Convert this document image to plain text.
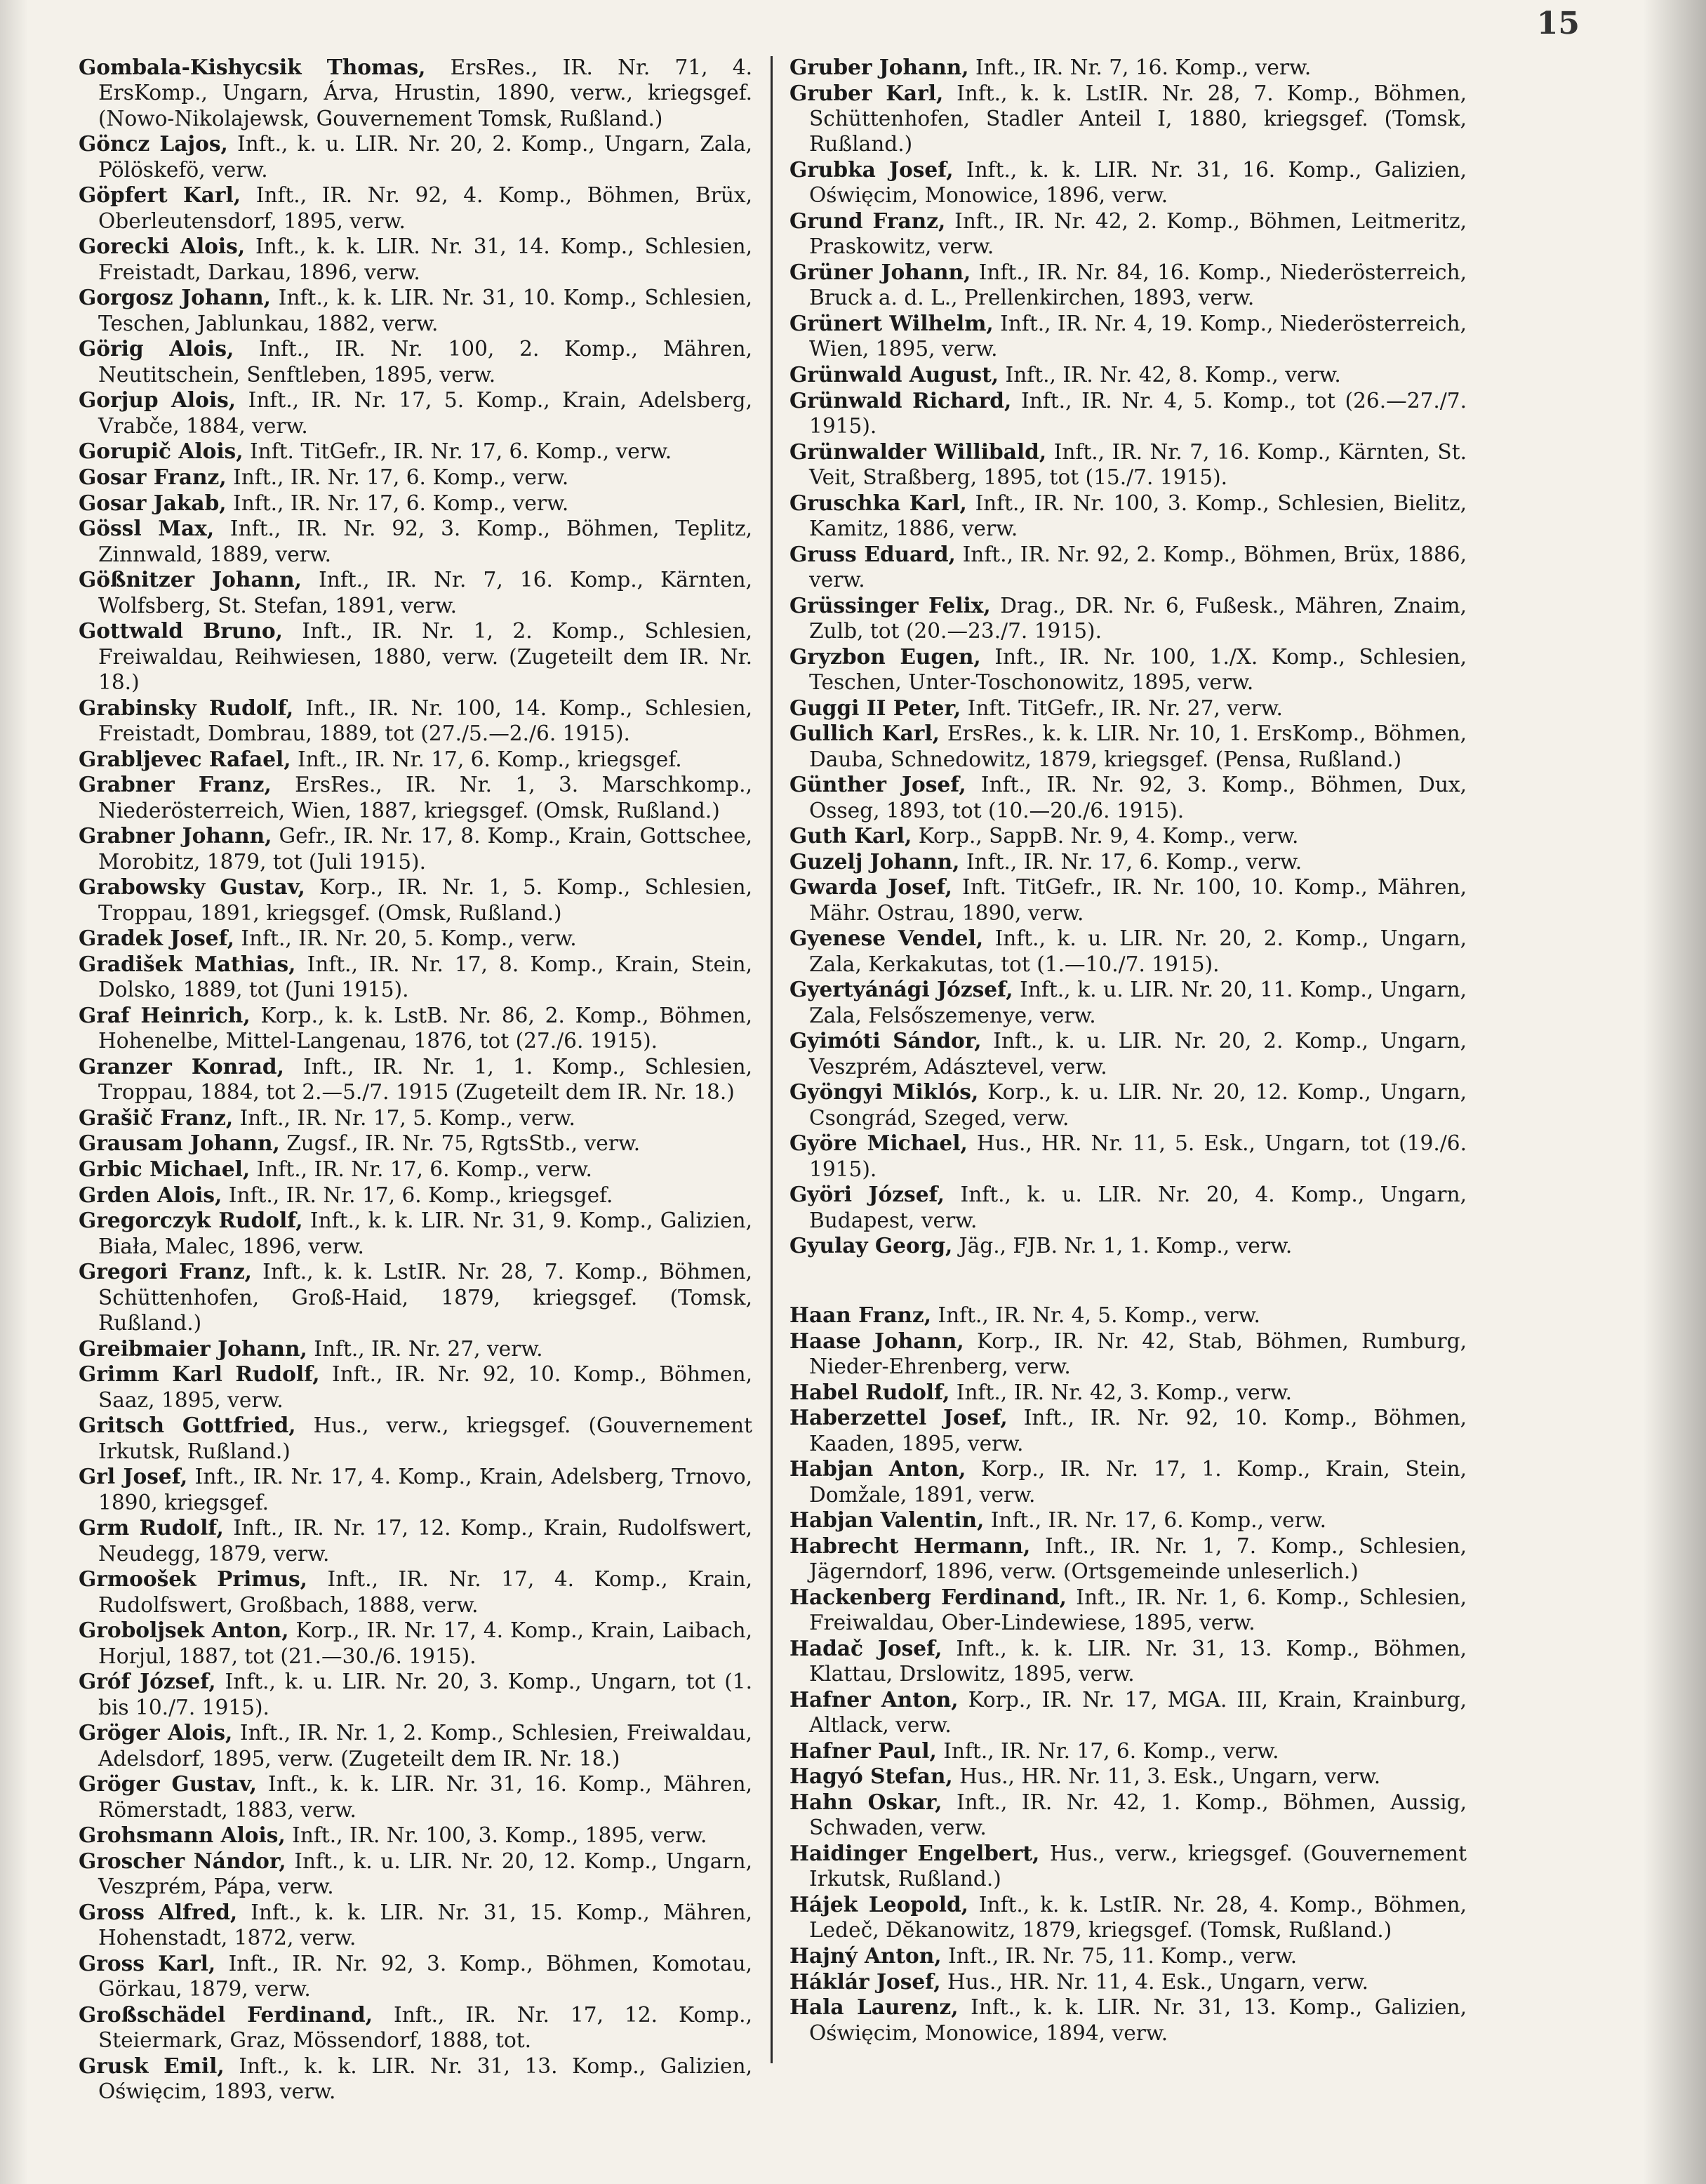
15
Gombala-Kishycsik Thomas, ErsRes., IR. Nr. 71, 4. ErsKomp., Ungarn, Árva, Hrustin, 1890, verw., kriegsgef. (Nowo-Nikolajewsk, Gouvernement Tomsk, Rußland.)
Göncz Lajos, Inft., k. u. LIR. Nr. 20, 2. Komp., Ungarn, Zala, Pölöskefö, verw.
Göpfert Karl, Inft., IR. Nr. 92, 4. Komp., Böhmen, Brüx, Oberleutensdorf, 1895, verw.
Gorecki Alois, Inft., k. k. LIR. Nr. 31, 14. Komp., Schlesien, Freistadt, Darkau, 1896, verw.
Gorgosz Johann, Inft., k. k. LIR. Nr. 31, 10. Komp., Schlesien, Teschen, Jablunkau, 1882, verw.
Görig Alois, Inft., IR. Nr. 100, 2. Komp., Mähren, Neutitschein, Senftleben, 1895, verw.
Gorjup Alois, Inft., IR. Nr. 17, 5. Komp., Krain, Adelsberg, Vrabče, 1884, verw.
Gorupič Alois, Inft. TitGefr., IR. Nr. 17, 6. Komp., verw.
Gosar Franz, Inft., IR. Nr. 17, 6. Komp., verw.
Gosar Jakab, Inft., IR. Nr. 17, 6. Komp., verw.
Gössl Max, Inft., IR. Nr. 92, 3. Komp., Böhmen, Teplitz, Zinnwald, 1889, verw.
Gößnitzer Johann, Inft., IR. Nr. 7, 16. Komp., Kärnten, Wolfsberg, St. Stefan, 1891, verw.
Gottwald Bruno, Inft., IR. Nr. 1, 2. Komp., Schlesien, Freiwaldau, Reihwiesen, 1880, verw. (Zugeteilt dem IR. Nr. 18.)
Grabinsky Rudolf, Inft., IR. Nr. 100, 14. Komp., Schlesien, Freistadt, Dombrau, 1889, tot (27./5.—2./6. 1915).
Grabljevec Rafael, Inft., IR. Nr. 17, 6. Komp., kriegsgef.
Grabner Franz, ErsRes., IR. Nr. 1, 3. Marschkomp., Niederösterreich, Wien, 1887, kriegsgef. (Omsk, Rußland.)
Grabner Johann, Gefr., IR. Nr. 17, 8. Komp., Krain, Gottschee, Morobitz, 1879, tot (Juli 1915).
Grabowsky Gustav, Korp., IR. Nr. 1, 5. Komp., Schlesien, Troppau, 1891, kriegsgef. (Omsk, Rußland.)
Gradek Josef, Inft., IR. Nr. 20, 5. Komp., verw.
Gradišek Mathias, Inft., IR. Nr. 17, 8. Komp., Krain, Stein, Dolsko, 1889, tot (Juni 1915).
Graf Heinrich, Korp., k. k. LstB. Nr. 86, 2. Komp., Böhmen, Hohenelbe, Mittel-Langenau, 1876, tot (27./6. 1915).
Granzer Konrad, Inft., IR. Nr. 1, 1. Komp., Schlesien, Troppau, 1884, tot 2.—5./7. 1915 (Zugeteilt dem IR. Nr. 18.)
Grašič Franz, Inft., IR. Nr. 17, 5. Komp., verw.
Grausam Johann, Zugsf., IR. Nr. 75, RgtsStb., verw.
Grbic Michael, Inft., IR. Nr. 17, 6. Komp., verw.
Grden Alois, Inft., IR. Nr. 17, 6. Komp., kriegsgef.
Gregorczyk Rudolf, Inft., k. k. LIR. Nr. 31, 9. Komp., Galizien, Biała, Malec, 1896, verw.
Gregori Franz, Inft., k. k. LstIR. Nr. 28, 7. Komp., Böhmen, Schüttenhofen, Groß-Haid, 1879, kriegsgef. (Tomsk, Rußland.)
Greibmaier Johann, Inft., IR. Nr. 27, verw.
Grimm Karl Rudolf, Inft., IR. Nr. 92, 10. Komp., Böhmen, Saaz, 1895, verw.
Gritsch Gottfried, Hus., verw., kriegsgef. (Gouvernement Irkutsk, Rußland.)
Grl Josef, Inft., IR. Nr. 17, 4. Komp., Krain, Adelsberg, Trnovo, 1890, kriegsgef.
Grm Rudolf, Inft., IR. Nr. 17, 12. Komp., Krain, Rudolfswert, Neudegg, 1879, verw.
Grmoošek Primus, Inft., IR. Nr. 17, 4. Komp., Krain, Rudolfswert, Großbach, 1888, verw.
Groboljsek Anton, Korp., IR. Nr. 17, 4. Komp., Krain, Laibach, Horjul, 1887, tot (21.—30./6. 1915).
Gróf József, Inft., k. u. LIR. Nr. 20, 3. Komp., Ungarn, tot (1. bis 10./7. 1915).
Gröger Alois, Inft., IR. Nr. 1, 2. Komp., Schlesien, Freiwaldau, Adelsdorf, 1895, verw. (Zugeteilt dem IR. Nr. 18.)
Gröger Gustav, Inft., k. k. LIR. Nr. 31, 16. Komp., Mähren, Römerstadt, 1883, verw.
Grohsmann Alois, Inft., IR. Nr. 100, 3. Komp., 1895, verw.
Groscher Nándor, Inft., k. u. LIR. Nr. 20, 12. Komp., Ungarn, Veszprém, Pápa, verw.
Gross Alfred, Inft., k. k. LIR. Nr. 31, 15. Komp., Mähren, Hohenstadt, 1872, verw.
Gross Karl, Inft., IR. Nr. 92, 3. Komp., Böhmen, Komotau, Görkau, 1879, verw.
Großschädel Ferdinand, Inft., IR. Nr. 17, 12. Komp., Steiermark, Graz, Mössendorf, 1888, tot.
Grusk Emil, Inft., k. k. LIR. Nr. 31, 13. Komp., Galizien, Oświęcim, 1893, verw.
Gruber Johann, Inft., IR. Nr. 7, 16. Komp., verw.
Gruber Karl, Inft., k. k. LstIR. Nr. 28, 7. Komp., Böhmen, Schüttenhofen, Stadler Anteil I, 1880, kriegsgef. (Tomsk, Rußland.)
Grubka Josef, Inft., k. k. LIR. Nr. 31, 16. Komp., Galizien, Oświęcim, Monowice, 1896, verw.
Grund Franz, Inft., IR. Nr. 42, 2. Komp., Böhmen, Leitmeritz, Praskowitz, verw.
Grüner Johann, Inft., IR. Nr. 84, 16. Komp., Niederösterreich, Bruck a. d. L., Prellenkirchen, 1893, verw.
Grünert Wilhelm, Inft., IR. Nr. 4, 19. Komp., Niederösterreich, Wien, 1895, verw.
Grünwald August, Inft., IR. Nr. 42, 8. Komp., verw.
Grünwald Richard, Inft., IR. Nr. 4, 5. Komp., tot (26.—27./7. 1915).
Grünwalder Willibald, Inft., IR. Nr. 7, 16. Komp., Kärnten, St. Veit, Straßberg, 1895, tot (15./7. 1915).
Gruschka Karl, Inft., IR. Nr. 100, 3. Komp., Schlesien, Bielitz, Kamitz, 1886, verw.
Gruss Eduard, Inft., IR. Nr. 92, 2. Komp., Böhmen, Brüx, 1886, verw.
Grüssinger Felix, Drag., DR. Nr. 6, Fußesk., Mähren, Znaim, Zulb, tot (20.—23./7. 1915).
Gryzbon Eugen, Inft., IR. Nr. 100, 1./X. Komp., Schlesien, Teschen, Unter-Toschonowitz, 1895, verw.
Guggi II Peter, Inft. TitGefr., IR. Nr. 27, verw.
Gullich Karl, ErsRes., k. k. LIR. Nr. 10, 1. ErsKomp., Böhmen, Dauba, Schnedowitz, 1879, kriegsgef. (Pensa, Rußland.)
Günther Josef, Inft., IR. Nr. 92, 3. Komp., Böhmen, Dux, Osseg, 1893, tot (10.—20./6. 1915).
Guth Karl, Korp., SappB. Nr. 9, 4. Komp., verw.
Guzelj Johann, Inft., IR. Nr. 17, 6. Komp., verw.
Gwarda Josef, Inft. TitGefr., IR. Nr. 100, 10. Komp., Mähren, Mähr. Ostrau, 1890, verw.
Gyenese Vendel, Inft., k. u. LIR. Nr. 20, 2. Komp., Ungarn, Zala, Kerkakutas, tot (1.—10./7. 1915).
Gyertyánági József, Inft., k. u. LIR. Nr. 20, 11. Komp., Ungarn, Zala, Felsőszemenye, verw.
Gyimóti Sándor, Inft., k. u. LIR. Nr. 20, 2. Komp., Ungarn, Veszprém, Adásztevel, verw.
Gyöngyi Miklós, Korp., k. u. LIR. Nr. 20, 12. Komp., Ungarn, Csongrád, Szeged, verw.
Györe Michael, Hus., HR. Nr. 11, 5. Esk., Ungarn, tot (19./6. 1915).
Györi József, Inft., k. u. LIR. Nr. 20, 4. Komp., Ungarn, Budapest, verw.
Gyulay Georg, Jäg., FJB. Nr. 1, 1. Komp., verw.
Haan Franz, Inft., IR. Nr. 4, 5. Komp., verw.
Haase Johann, Korp., IR. Nr. 42, Stab, Böhmen, Rumburg, Nieder-Ehrenberg, verw.
Habel Rudolf, Inft., IR. Nr. 42, 3. Komp., verw.
Haberzettel Josef, Inft., IR. Nr. 92, 10. Komp., Böhmen, Kaaden, 1895, verw.
Habjan Anton, Korp., IR. Nr. 17, 1. Komp., Krain, Stein, Domžale, 1891, verw.
Habjan Valentin, Inft., IR. Nr. 17, 6. Komp., verw.
Habrecht Hermann, Inft., IR. Nr. 1, 7. Komp., Schlesien, Jägerndorf, 1896, verw. (Ortsgemeinde unleserlich.)
Hackenberg Ferdinand, Inft., IR. Nr. 1, 6. Komp., Schlesien, Freiwaldau, Ober-Lindewiese, 1895, verw.
Hadač Josef, Inft., k. k. LIR. Nr. 31, 13. Komp., Böhmen, Klattau, Drslowitz, 1895, verw.
Hafner Anton, Korp., IR. Nr. 17, MGA. III, Krain, Krainburg, Altlack, verw.
Hafner Paul, Inft., IR. Nr. 17, 6. Komp., verw.
Hagyó Stefan, Hus., HR. Nr. 11, 3. Esk., Ungarn, verw.
Hahn Oskar, Inft., IR. Nr. 42, 1. Komp., Böhmen, Aussig, Schwaden, verw.
Haidinger Engelbert, Hus., verw., kriegsgef. (Gouvernement Irkutsk, Rußland.)
Hájek Leopold, Inft., k. k. LstIR. Nr. 28, 4. Komp., Böhmen, Ledeč, Dĕkanowitz, 1879, kriegsgef. (Tomsk, Rußland.)
Hajný Anton, Inft., IR. Nr. 75, 11. Komp., verw.
Háklár Josef, Hus., HR. Nr. 11, 4. Esk., Ungarn, verw.
Hala Laurenz, Inft., k. k. LIR. Nr. 31, 13. Komp., Galizien, Oświęcim, Monowice, 1894, verw.
